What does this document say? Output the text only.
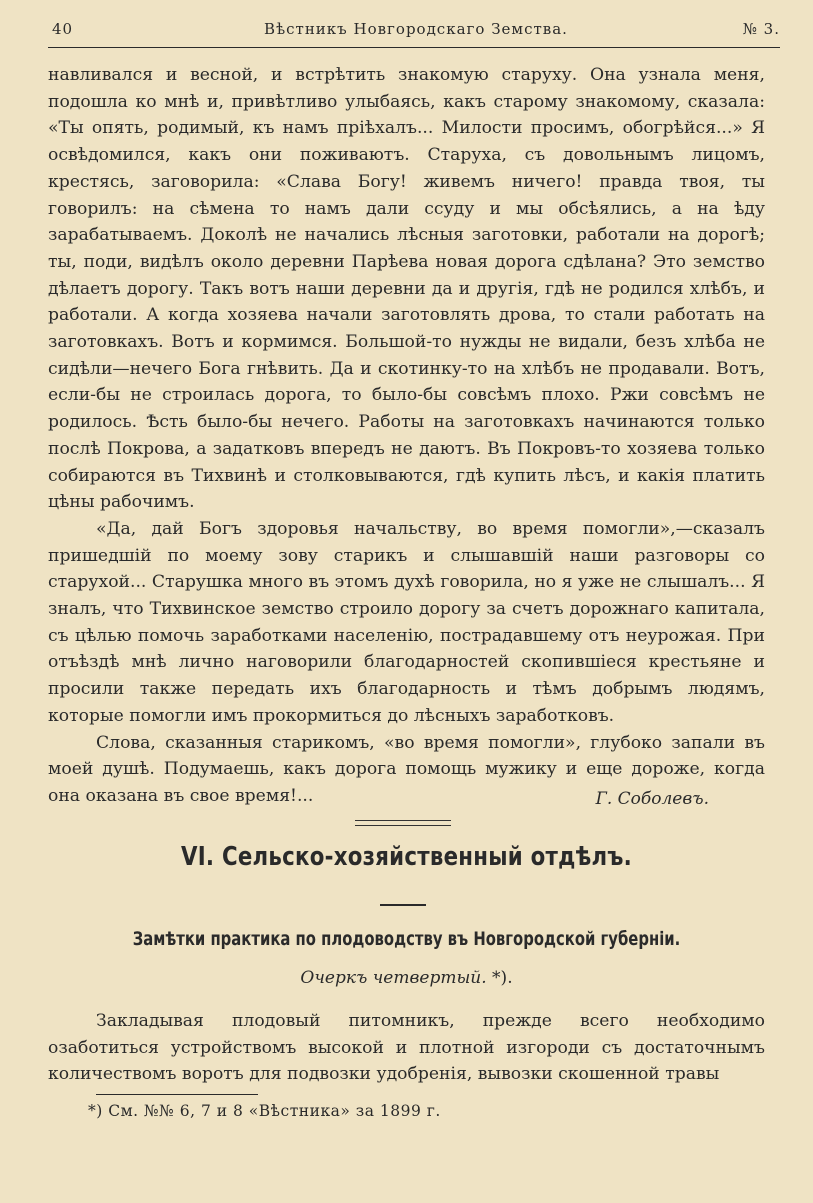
40	Вѣстникъ Новгородскаго Земства.	№ 3.

навливался и весной, и встрѣтить знакомую старуху. Она узнала меня, подошла ко мнѣ и, привѣтливо улыбаясь, какъ старому знакомому, сказала: «Ты опять, родимый, къ намъ пріѣхалъ... Милости просимъ, обогрѣйся...» Я освѣдомился, какъ они поживаютъ. Старуха, съ довольнымъ лицомъ, крестясь, заговорила: «Слава Богу! живемъ ничего! правда твоя, ты говорилъ: на сѣмена то намъ дали ссуду и мы обсѣялись, а на ѣду зарабатываемъ. Доколѣ не начались лѣсныя заготовки, работали на дорогѣ; ты, поди, видѣлъ около деревни Парѣева новая дорога сдѣлана? Это земство дѣлаетъ дорогу. Такъ вотъ наши деревни да и другія, гдѣ не родился хлѣбъ, и работали. А когда хозяева начали заготовлять дрова, то стали работать на заготовкахъ. Вотъ и кормимся. Большой-то нужды не видали, безъ хлѣба не сидѣли—нечего Бога гнѣвить. Да и скотинку-то на хлѣбъ не продавали. Вотъ, если-бы не строилась дорога, то было-бы совсѣмъ плохо. Ржи совсѣмъ не родилось. Ѣсть было-бы нечего. Работы на заготовкахъ начинаются только послѣ Покрова, а задатковъ впередъ не даютъ. Въ Покровъ-то хозяева только собираются въ Тихвинѣ и столковываются, гдѣ купить лѣсъ, и какія платить цѣны рабочимъ.

«Да, дай Богъ здоровья начальству, во время помогли»,—сказалъ пришедшій по моему зову старикъ и слышавшій наши разговоры со старухой... Старушка много въ этомъ духѣ говорила, но я уже не слышалъ... Я зналъ, что Тихвинское земство строило дорогу за счетъ дорожнаго капитала, съ цѣлью помочь заработками населенію, пострадавшему отъ неурожая. При отъѣздѣ мнѣ лично наговорили благодарностей скопившіеся крестьяне и просили также передать ихъ благодарность и тѣмъ добрымъ людямъ, которые помогли имъ прокормиться до лѣсныхъ заработковъ.

Слова, сказанныя старикомъ, «во время помогли», глубоко запали въ моей душѣ. Подумаешь, какъ дорога помощь мужику и еще дороже, когда она оказана въ свое время!...	Г. Соболевъ.
VI. Сельско-хозяйственный отдѣлъ.
Замѣтки практика по плодоводству въ Новгородской губерніи.
Очеркъ четвертый. *).

Закладывая плодовый питомникъ, прежде всего необходимо озаботиться устройствомъ высокой и плотной изгороди съ достаточнымъ количествомъ воротъ для подвозки удобренія, вывозки скошенной травы

*) См. №№ 6, 7 и 8 «Вѣстника» за 1899 г.
